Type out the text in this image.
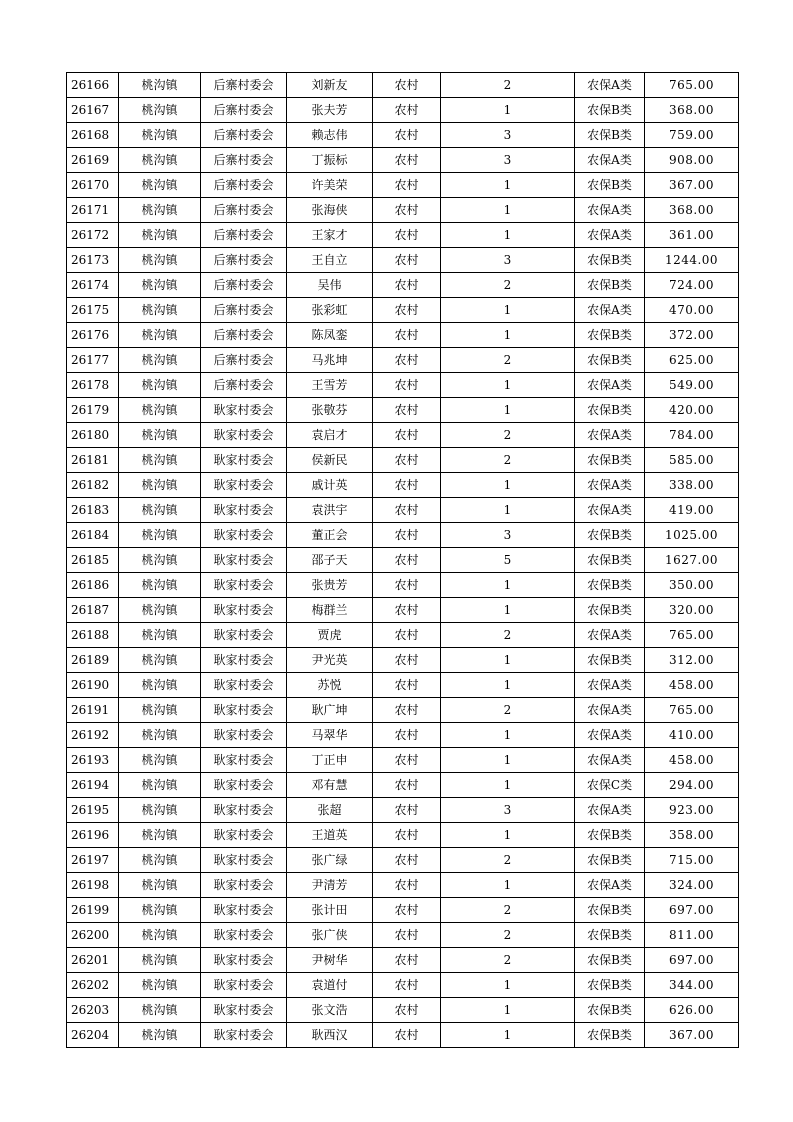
26166	桃沟镇	后寨村委会	刘新友	农村	2	农保A类	765.00
26167	桃沟镇	后寨村委会	张夫芳	农村	1	农保B类	368.00
26168	桃沟镇	后寨村委会	赖志伟	农村	3	农保B类	759.00
26169	桃沟镇	后寨村委会	丁振标	农村	3	农保A类	908.00
26170	桃沟镇	后寨村委会	许美荣	农村	1	农保B类	367.00
26171	桃沟镇	后寨村委会	张海侠	农村	1	农保A类	368.00
26172	桃沟镇	后寨村委会	王家才	农村	1	农保A类	361.00
26173	桃沟镇	后寨村委会	王自立	农村	3	农保B类	1244.00
26174	桃沟镇	后寨村委会	吴伟	农村	2	农保B类	724.00
26175	桃沟镇	后寨村委会	张彩虹	农村	1	农保A类	470.00
26176	桃沟镇	后寨村委会	陈凤銮	农村	1	农保B类	372.00
26177	桃沟镇	后寨村委会	马兆坤	农村	2	农保B类	625.00
26178	桃沟镇	后寨村委会	王雪芳	农村	1	农保A类	549.00
26179	桃沟镇	耿家村委会	张敬芬	农村	1	农保B类	420.00
26180	桃沟镇	耿家村委会	袁启才	农村	2	农保A类	784.00
26181	桃沟镇	耿家村委会	侯新民	农村	2	农保B类	585.00
26182	桃沟镇	耿家村委会	戚计英	农村	1	农保A类	338.00
26183	桃沟镇	耿家村委会	袁洪宇	农村	1	农保A类	419.00
26184	桃沟镇	耿家村委会	董正会	农村	3	农保B类	1025.00
26185	桃沟镇	耿家村委会	邵子天	农村	5	农保B类	1627.00
26186	桃沟镇	耿家村委会	张贵芳	农村	1	农保B类	350.00
26187	桃沟镇	耿家村委会	梅群兰	农村	1	农保B类	320.00
26188	桃沟镇	耿家村委会	贾虎	农村	2	农保A类	765.00
26189	桃沟镇	耿家村委会	尹光英	农村	1	农保B类	312.00
26190	桃沟镇	耿家村委会	苏悦	农村	1	农保A类	458.00
26191	桃沟镇	耿家村委会	耿广坤	农村	2	农保A类	765.00
26192	桃沟镇	耿家村委会	马翠华	农村	1	农保A类	410.00
26193	桃沟镇	耿家村委会	丁正申	农村	1	农保A类	458.00
26194	桃沟镇	耿家村委会	邓有慧	农村	1	农保C类	294.00
26195	桃沟镇	耿家村委会	张超	农村	3	农保A类	923.00
26196	桃沟镇	耿家村委会	王道英	农村	1	农保B类	358.00
26197	桃沟镇	耿家村委会	张广绿	农村	2	农保B类	715.00
26198	桃沟镇	耿家村委会	尹清芳	农村	1	农保A类	324.00
26199	桃沟镇	耿家村委会	张计田	农村	2	农保B类	697.00
26200	桃沟镇	耿家村委会	张广侠	农村	2	农保B类	811.00
26201	桃沟镇	耿家村委会	尹树华	农村	2	农保B类	697.00
26202	桃沟镇	耿家村委会	袁道付	农村	1	农保B类	344.00
26203	桃沟镇	耿家村委会	张文浩	农村	1	农保B类	626.00
26204	桃沟镇	耿家村委会	耿西汉	农村	1	农保B类	367.00
